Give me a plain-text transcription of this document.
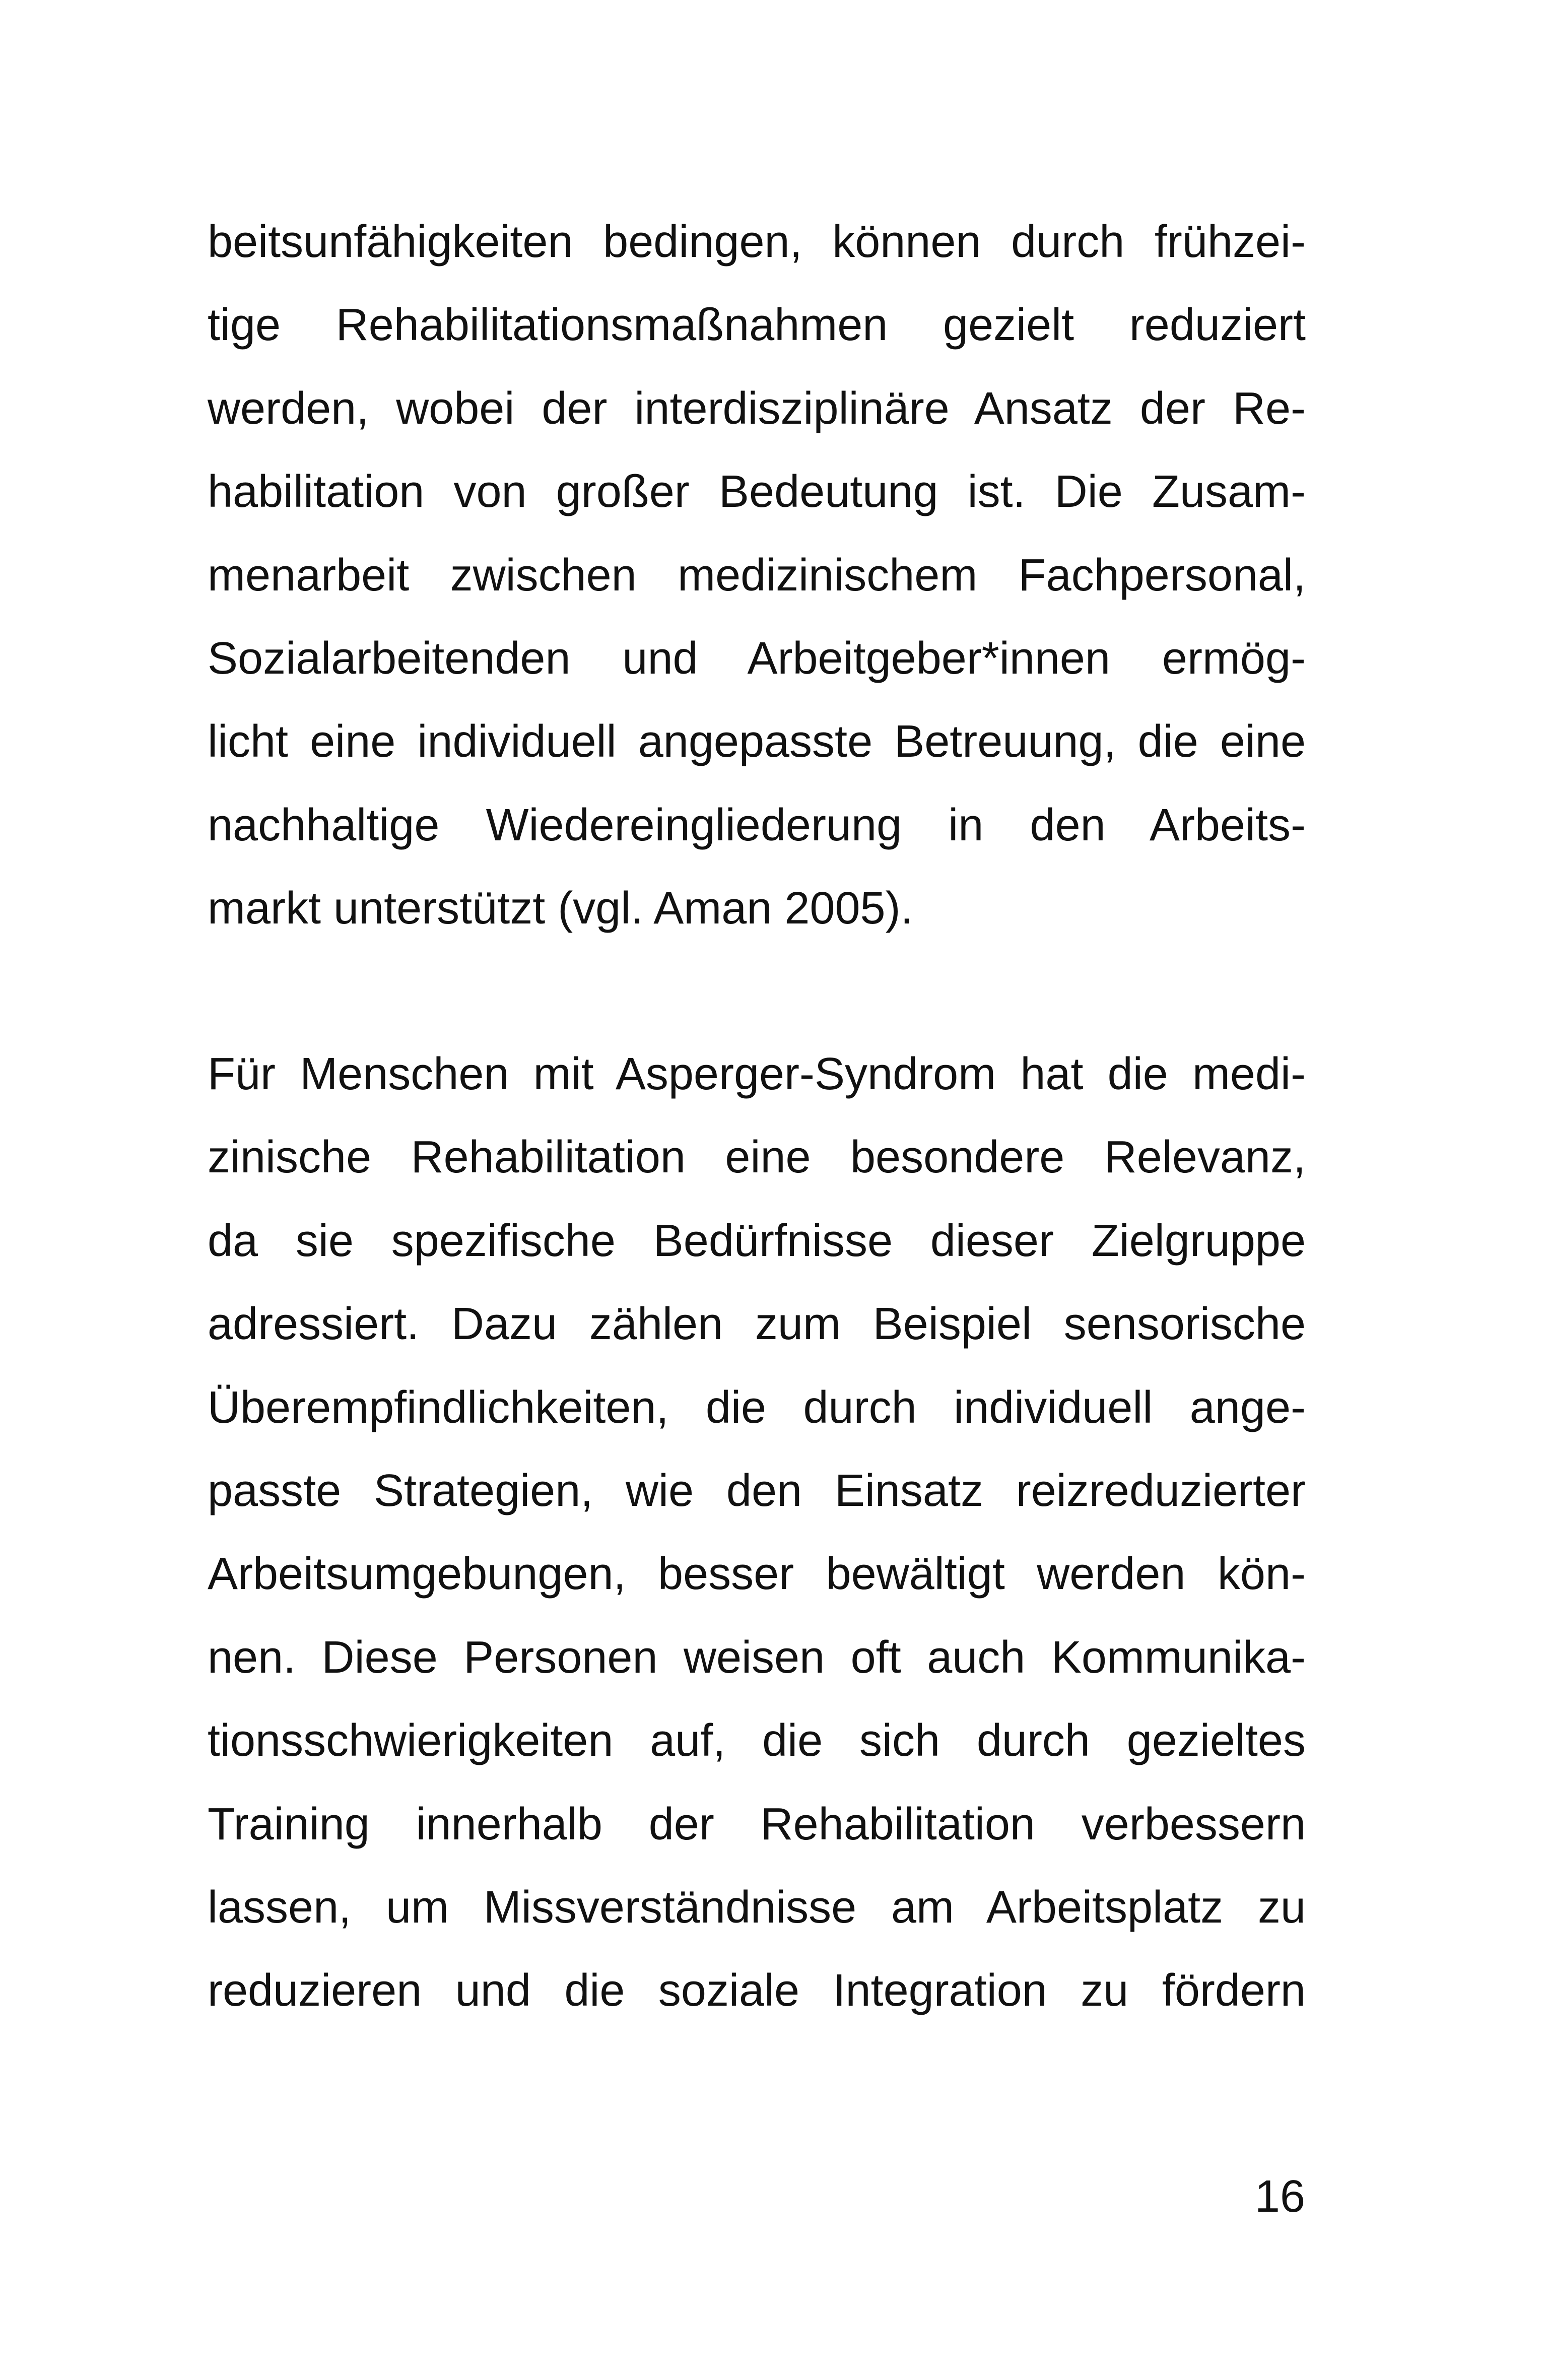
beitsunfähigkeiten bedingen, können durch frühzei-
tige Rehabilitationsmaßnahmen gezielt reduziert
werden, wobei der interdisziplinäre Ansatz der Re-
habilitation von großer Bedeutung ist. Die Zusam-
menarbeit zwischen medizinischem Fachpersonal,
Sozialarbeitenden und Arbeitgeber*innen ermög-
licht eine individuell angepasste Betreuung, die eine
nachhaltige Wiedereingliederung in den Arbeits-
markt unterstützt (vgl. Aman 2005).
Für Menschen mit Asperger-Syndrom hat die medi-
zinische Rehabilitation eine besondere Relevanz,
da sie spezifische Bedürfnisse dieser Zielgruppe
adressiert. Dazu zählen zum Beispiel sensorische
Überempfindlichkeiten, die durch individuell ange-
passte Strategien, wie den Einsatz reizreduzierter
Arbeitsumgebungen, besser bewältigt werden kön-
nen. Diese Personen weisen oft auch Kommunika-
tionsschwierigkeiten auf, die sich durch gezieltes
Training innerhalb der Rehabilitation verbessern
lassen, um Missverständnisse am Arbeitsplatz zu
reduzieren und die soziale Integration zu fördern
16
